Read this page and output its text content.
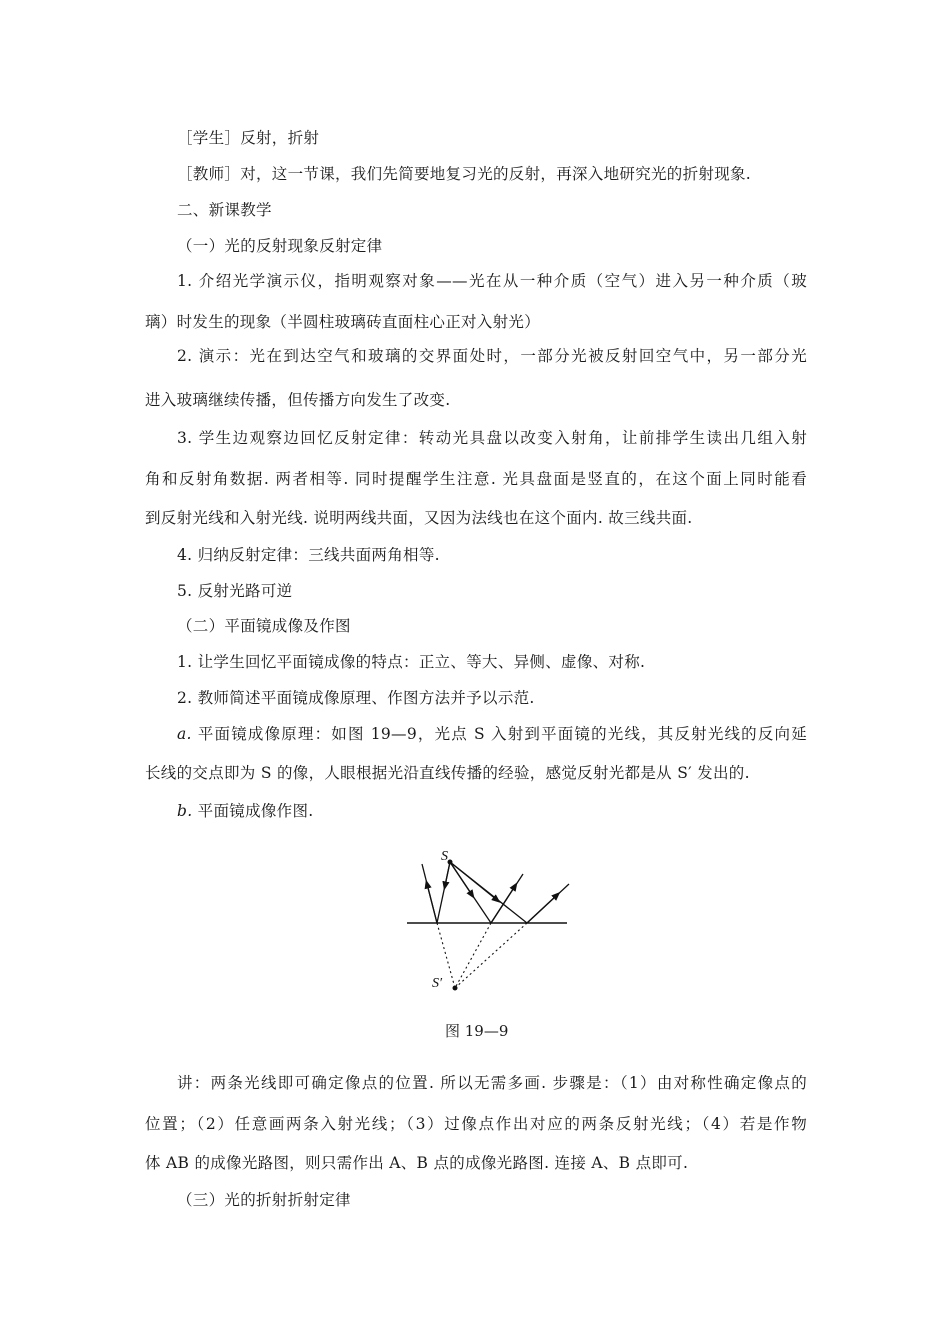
［学生］反射，折射
［教师］对，这一节课，我们先简要地复习光的反射，再深入地研究光的折射现象.
二、新课教学
（一）光的反射现象反射定律
1. 介绍光学演示仪，指明观察对象——光在从一种介质（空气）进入另一种介质（玻
璃）时发生的现象（半圆柱玻璃砖直面柱心正对入射光）
2. 演示：光在到达空气和玻璃的交界面处时，一部分光被反射回空气中，另一部分光
进入玻璃继续传播，但传播方向发生了改变.
3. 学生边观察边回忆反射定律：转动光具盘以改变入射角，让前排学生读出几组入射
角和反射角数据. 两者相等. 同时提醒学生注意. 光具盘面是竖直的，在这个面上同时能看
到反射光线和入射光线. 说明两线共面，又因为法线也在这个面内. 故三线共面.
4. 归纳反射定律：三线共面两角相等.
5. 反射光路可逆
（二）平面镜成像及作图
1. 让学生回忆平面镜成像的特点：正立、等大、异侧、虚像、对称.
2. 教师简述平面镜成像原理、作图方法并予以示范.
a. 平面镜成像原理：如图 19—9，光点 S 入射到平面镜的光线，其反射光线的反向延
长线的交点即为 S 的像，人眼根据光沿直线传播的经验，感觉反射光都是从 S′ 发出的.
b. 平面镜成像作图.
S
S′
图 19—9
讲：两条光线即可确定像点的位置. 所以无需多画. 步骤是：（1）由对称性确定像点的
位置；（2）任意画两条入射光线；（3）过像点作出对应的两条反射光线；（4）若是作物
体 AB 的成像光路图，则只需作出 A、B 点的成像光路图. 连接 A、B 点即可.
（三）光的折射折射定律
